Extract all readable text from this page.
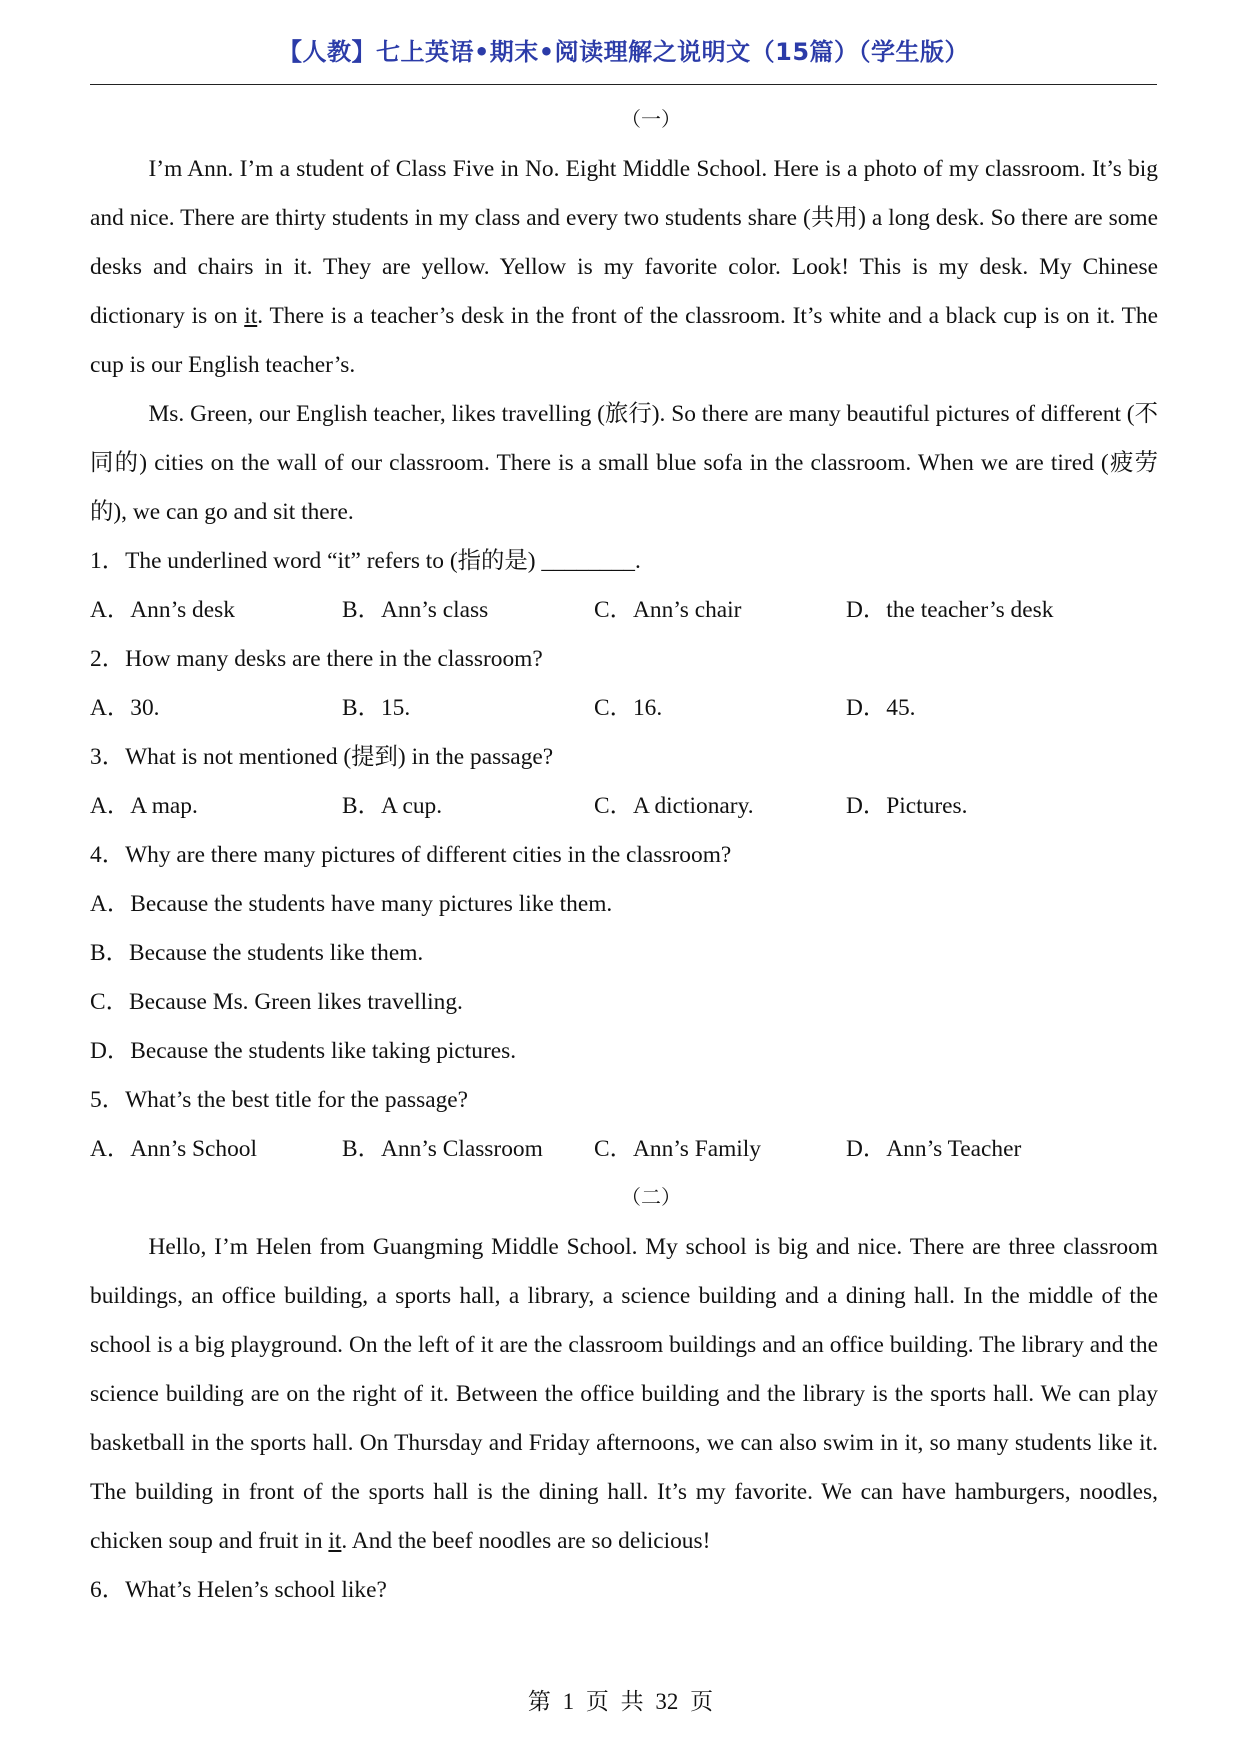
【人教】七上英语•期末•阅读理解之说明文（15篇）（学生版）
（一）

I’m Ann. I’m a student of Class Five in No. Eight Middle School. Here is a photo of my classroom. It’s big and nice. There are thirty students in my class and every two students share (共用) a long desk. So there are some desks and chairs in it. They are yellow. Yellow is my favorite color. Look! This is my desk. My Chinese dictionary is on it. There is a teacher’s desk in the front of the classroom. It’s white and a black cup is on it. The cup is our English teacher’s.

Ms. Green, our English teacher, likes travelling (旅行). So there are many beautiful pictures of different (不同的) cities on the wall of our classroom. There is a small blue sofa in the classroom. When we are tired (疲劳的), we can go and sit there.

1．The underlined word “it” refers to (指的是) ________.
A．Ann’s desk	B．Ann’s class	C．Ann’s chair	D．the teacher’s desk
2．How many desks are there in the classroom?
A．30.	B．15.	C．16.	D．45.
3．What is not mentioned (提到) in the passage?
A．A map.	B．A cup.	C．A dictionary.	D．Pictures.
4．Why are there many pictures of different cities in the classroom?
A．Because the students have many pictures like them.
B．Because the students like them.
C．Because Ms. Green likes travelling.
D．Because the students like taking pictures.
5．What’s the best title for the passage?
A．Ann’s School	B．Ann’s Classroom	C．Ann’s Family	D．Ann’s Teacher
（二）

Hello, I’m Helen from Guangming Middle School. My school is big and nice. There are three classroom buildings, an office building, a sports hall, a library, a science building and a dining hall. In the middle of the school is a big playground. On the left of it are the classroom buildings and an office building. The library and the science building are on the right of it. Between the office building and the library is the sports hall. We can play basketball in the sports hall. On Thursday and Friday afternoons, we can also swim in it, so many students like it. The building in front of the sports hall is the dining hall. It’s my favorite. We can have hamburgers, noodles, chicken soup and fruit in it. And the beef noodles are so delicious!

6．What’s Helen’s school like?
第 1 页 共 32 页
